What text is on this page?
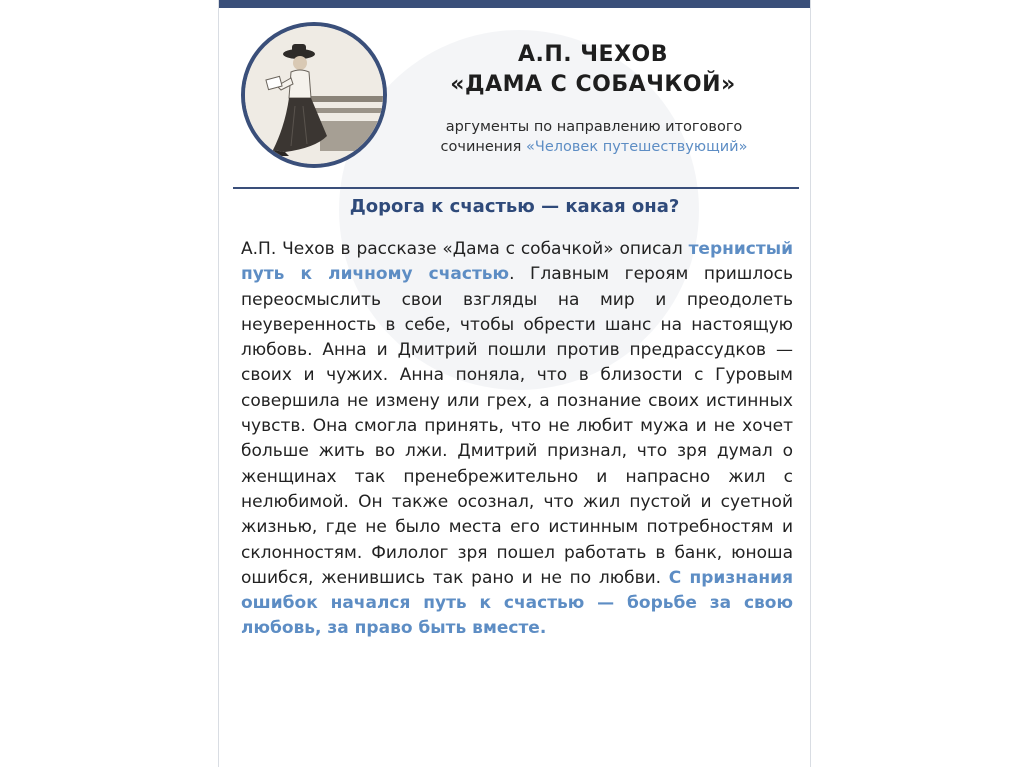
А.П. ЧЕХОВ
«ДАМА С СОБАЧКОЙ»
аргументы по направлению итогового
сочинения «Человек путешествующий»
Дорога к счастью — какая она?

А.П. Чехов в рассказе «Дама с собачкой» описал тернистый путь к личному счастью. Главным героям пришлось переосмыслить свои взгляды на мир и преодолеть неуверенность в себе, чтобы обрести шанс на настоящую любовь. Анна и Дмитрий пошли против предрассудков — своих и чужих. Анна поняла, что в близости с Гуровым совершила не измену или грех, а познание своих истинных чувств. Она смогла принять, что не любит мужа и не хочет больше жить во лжи. Дмитрий признал, что зря думал о женщинах так пренебрежительно и напрасно жил с нелюбимой. Он также осознал, что жил пустой и суетной жизнью, где не было места его истинным потребностям и склонностям. Филолог зря пошел работать в банк, юноша ошибся, женившись так рано и не по любви. С признания ошибок начался путь к счастью — борьбе за свою любовь, за право быть вместе.
